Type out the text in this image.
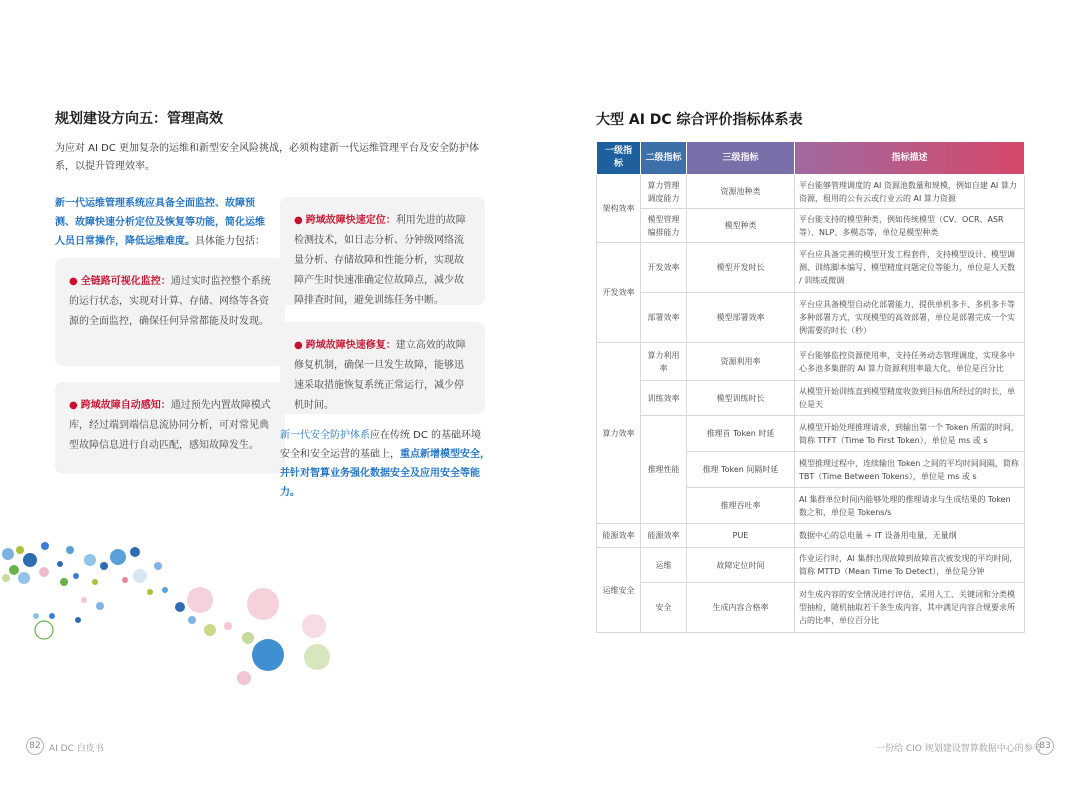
规划建设方向五：管理高效
为应对 AI DC 更加复杂的运维和新型安全风险挑战，必须构建新一代运维管理平台及安全防护体系，以提升管理效率。
新一代运维管理系统应具备全面监控、故障预测、故障快速分析定位及恢复等功能，简化运维人员日常操作，降低运维难度。具体能力包括：
● 全链路可视化监控：通过实时监控整个系统的运行状态，实现对计算、存储、网络等各资源的全面监控，确保任何异常都能及时发现。
● 跨域故障自动感知：通过预先内置故障模式库，经过端到端信息流协同分析，可对常见典型故障信息进行自动匹配，感知故障发生。
● 跨域故障快速定位：利用先进的故障检测技术，如日志分析、分钟级网络流量分析、存储故障和性能分析，实现故障产生时快速准确定位故障点，减少故障排查时间，避免训练任务中断。
● 跨域故障快速修复：建立高效的故障修复机制，确保一旦发生故障，能够迅速采取措施恢复系统正常运行，减少停机时间。
新一代安全防护体系应在传统 DC 的基础环境安全和安全运营的基础上，重点新增模型安全，并针对智算业务强化数据安全及应用安全等能力。
82 AI DC 白皮书
大型 AI DC 综合评价指标体系表
一份给 CIO 规划建设智算数据中心的参考
83
一级指标	二级指标	三级指标	指标描述
架构效率	算力管理调度能力	资源池种类	平台能够管理调度的 AI 资源池数量和规模，例如自建 AI 算力资源，租用的公有云或行业云的 AI 算力资源
	模型管理编排能力	模型种类	平台能支持的模型种类，例如传统模型（CV、OCR、ASR 等）、NLP、多模态等，单位是模型种类
开发效率	开发效率	模型开发时长	平台应具备完善的模型开发工程套件，支持模型设计、模型调测、训练脚本编写、模型精度问题定位等能力，单位是人天数 / 训练或微调
	部署效率	模型部署效率	平台应具备模型自动化部署能力，提供单机多卡、多机多卡等多种部署方式，实现模型的高效部署，单位是部署完成一个实例需要的时长（秒）
算力效率	算力利用率	资源利用率	平台能够监控资源使用率，支持任务动态管理调度，实现多中心多池多集群的 AI 算力资源利用率最大化，单位是百分比
	训练效率	模型训练时长	从模型开始训练直到模型精度收敛到目标值所经过的时长，单位是天
	推理性能	推理首 Token 时延	从模型开始处理推理请求，到输出第一个 Token 所需的时间，简称 TTFT（Time To First Token），单位是 ms 或 s
		推理 Token 间隔时延	模型推理过程中，连续输出 Token 之间的平均时间间隔，简称 TBT（Time Between Tokens），单位是 ms 或 s
		推理吞吐率	AI 集群单位时间内能够处理的推理请求与生成结果的 Token 数之和，单位是 Tokens/s
能源效率	能源效率	PUE	数据中心的总电量 ÷ IT 设备用电量，无量纲
运维安全	运维	故障定位时间	作业运行时，AI 集群出现故障到故障首次被发现的平均时间，简称 MTTD（Mean Time To Detect），单位是分钟
	安全	生成内容合格率	对生成内容的安全情况进行评估，采用人工、关键词和分类模型抽检，随机抽取若干条生成内容，其中满足内容合规要求所占的比率，单位百分比
